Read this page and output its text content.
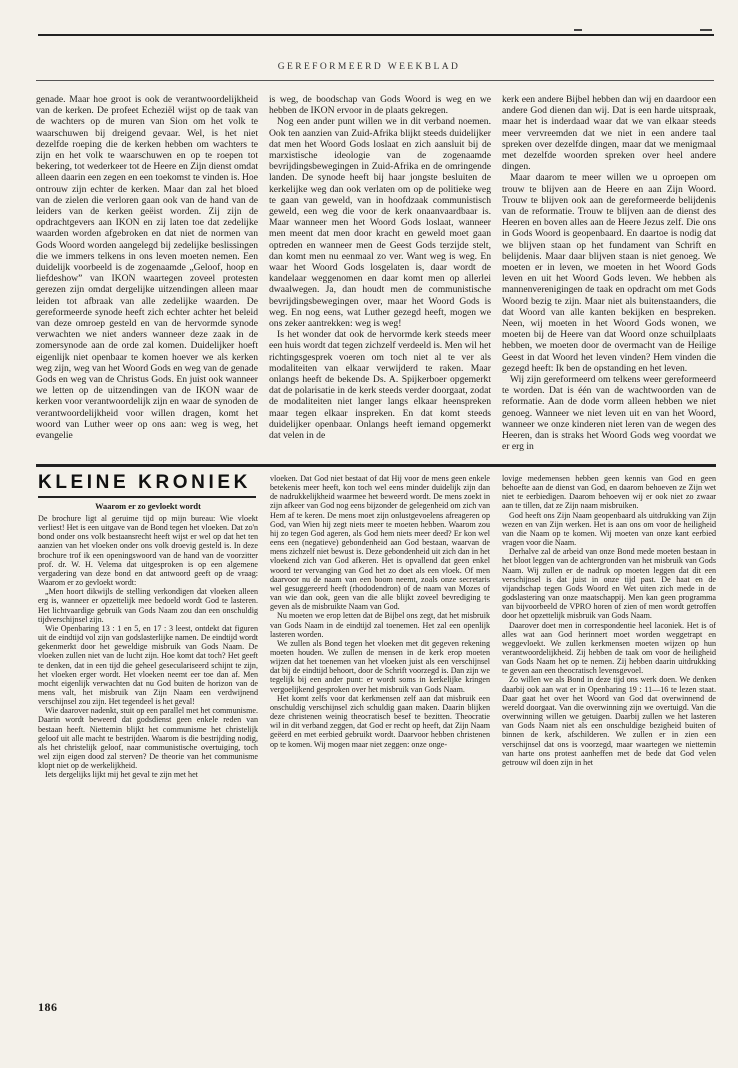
GEREFORMEERD WEEKBLAD

genade. Maar hoe groot is ook de verantwoordelijkheid van de kerken. De profeet Echeziël wijst op de taak van de wachters op de muren van Sion om het volk te waarschuwen bij dreigend gevaar. Wel, is het niet dezelfde roeping die de kerken hebben om wachters te zijn en het volk te waarschuwen en op te roepen tot bekering, tot wederkeer tot de Heere en Zijn dienst omdat alleen daarin een zegen en een toekomst te vinden is. Hoe ontrouw zijn echter de kerken. Maar dan zal het bloed van de zielen die verloren gaan ook van de hand van de leiders van de kerken geëist worden. Zij zijn de opdrachtgevers aan IKON en zij laten toe dat zedelijke waarden worden afgebroken en dat niet de normen van Gods Woord worden aangelegd bij zedelijke beslissingen die we immers telkens in ons leven moeten nemen. Een duidelijk voorbeeld is de zogenaamde „Geloof, hoop en liefdeshow” van IKON waartegen zoveel protesten gerezen zijn omdat dergelijke uitzendingen alleen maar leiden tot afbraak van alle zedelijke waarden. De gereformeerde synode heeft zich echter achter het beleid van deze omroep gesteld en van de hervormde synode verwachten we niet anders wanneer deze zaak in de zomersynode aan de orde zal komen. Duidelijker hoeft eigenlijk niet openbaar te komen hoever we als kerken weg zijn, weg van het Woord Gods en weg van de genade Gods en weg van de Christus Gods. En juist ook wanneer we letten op de uitzendingen van de IKON waar de kerken voor verantwoordelijk zijn en waar de synoden de verantwoordelijkheid voor willen dragen, komt het woord van Luther weer op ons aan: weg is weg, het evangelie

is weg, de boodschap van Gods Woord is weg en we hebben de IKON ervoor in de plaats gekregen.

Nog een ander punt willen we in dit verband noemen. Ook ten aanzien van Zuid-Afrika blijkt steeds duidelijker dat men het Woord Gods loslaat en zich aansluit bij de marxistische ideologie van de zogenaamde bevrijdingsbewegingen in Zuid-Afrika en de omringende landen. De synode heeft bij haar jongste besluiten de kerkelijke weg dan ook verlaten om op de politieke weg te gaan van geweld, van in hoofdzaak communistisch geweld, een weg die voor de kerk onaanvaardbaar is. Maar wanneer men het Woord Gods loslaat, wanneer men meent dat men door kracht en geweld moet gaan optreden en wanneer men de Geest Gods terzijde stelt, dan komt men nu eenmaal zo ver. Want weg is weg. En waar het Woord Gods losgelaten is, daar wordt de kandelaar weggenomen en daar komt men op allerlei dwaalwegen. Ja, dan houdt men de communistische bevrijdingsbewegingen over, maar het Woord Gods is weg. En nog eens, wat Luther gezegd heeft, mogen we ons zeker aantrekken: weg is weg!

Is het wonder dat ook de hervormde kerk steeds meer een huis wordt dat tegen zichzelf verdeeld is. Men wil het richtingsgesprek voeren om toch niet al te ver als modaliteiten van elkaar verwijderd te raken. Maar onlangs heeft de bekende Ds. A. Spijkerboer opgemerkt dat de polarisatie in de kerk steeds verder doorgaat, zodat de modaliteiten niet langer langs elkaar heenspreken maar tegen elkaar inspreken. En dat komt steeds duidelijker openbaar. Onlangs heeft iemand opgemerkt dat velen in de

kerk een andere Bijbel hebben dan wij en daardoor een andere God dienen dan wij. Dat is een harde uitspraak, maar het is inderdaad waar dat we van elkaar steeds meer vervreemden dat we niet in een andere taal spreken over dezelfde dingen, maar dat we menigmaal met dezelfde woorden spreken over heel andere dingen.

Maar daarom te meer willen we u oproepen om trouw te blijven aan de Heere en aan Zijn Woord. Trouw te blijven ook aan de gereformeerde belijdenis van de reformatie. Trouw te blijven aan de dienst des Heeren en boven alles aan de Heere Jezus zelf. Die ons in Gods Woord is geopenbaard. En daartoe is nodig dat we blijven staan op het fundament van Schrift en belijdenis. Maar daar blijven staan is niet genoeg. We moeten er in leven, we moeten in het Woord Gods leven en uit het Woord Gods leven. We hebben als mannenverenigingen de taak en opdracht om met Gods Woord bezig te zijn. Maar niet als buitenstaanders, die dat Woord van alle kanten bekijken en bespreken. Neen, wij moeten in het Woord Gods wonen, we moeten bij de Heere van dat Woord onze schuilplaats hebben, we moeten door de overmacht van de Heilige Geest in dat Woord het leven vinden? Hem vinden die gezegd heeft: Ik ben de opstanding en het leven.

Wij zijn gereformeerd om telkens weer gereformeerd te worden. Dat is één van de wachtwoorden van de reformatie. Aan de dode vorm alleen hebben we niet genoeg. Wanneer we niet leven uit en van het Woord, wanneer we onze kinderen niet leren van de wegen des Heeren, dan is straks het Woord Gods weg voordat we er erg in

KLEINE KRONIEK
Waarom er zo gevloekt wordt

De brochure ligt al geruime tijd op mijn bureau: Wie vloekt verliest! Het is een uitgave van de Bond tegen het vloeken. Dat zo'n bond onder ons volk bestaansrecht heeft wijst er wel op dat het ten aanzien van het vloeken onder ons volk droevig gesteld is. In deze brochure trof ik een openingswoord van de hand van de voorzitter prof. dr. W. H. Velema dat uitgesproken is op een algemene vergadering van deze bond en dat antwoord geeft op de vraag: Waarom er zo gevloekt wordt:

„Men hoort dikwijls de stelling verkondigen dat vloeken alleen erg is, wanneer er opzettelijk mee bedoeld wordt God te lasteren. Het lichtvaardige gebruik van Gods Naam zou dan een onschuldig tijdverschijnsel zijn.

Wie Openbaring 13 : 1 en 5, en 17 : 3 leest, ontdekt dat figuren uit de eindtijd vol zijn van godslasterlijke namen. De eindtijd wordt gekenmerkt door het geweldige misbruik van Gods Naam. De vloeken zullen niet van de lucht zijn. Hoe komt dat toch? Het geeft te denken, dat in een tijd die geheel geseculariseerd schijnt te zijn, het vloeken erger wordt. Het vloeken neemt eer toe dan af. Men mocht eigenlijk verwachten dat nu God buiten de horizon van de mens valt, het misbruik van Zijn Naam een verdwijnend verschijnsel zou zijn. Het tegendeel is het geval!

Wie daarover nadenkt, stuit op een parallel met het communisme. Daarin wordt beweerd dat godsdienst geen enkele reden van bestaan heeft. Niettemin blijkt het communisme het christelijk geloof uit alle macht te bestrijden. Waarom is die bestrijding nodig, als het christelijk geloof, naar communistische overtuiging, toch wel zijn eigen dood zal sterven? De theorie van het communisme klopt niet op de werkelijkheid.

Iets dergelijks lijkt mij het geval te zijn met het

vloeken. Dat God niet bestaat of dat Hij voor de mens geen enkele betekenis meer heeft, kon toch wel eens minder duidelijk zijn dan de nadrukkelijkheid waarmee het beweerd wordt. De mens zoekt in zijn afkeer van God nog eens bijzonder de gelegenheid om zich van Hem af te keren. De mens moet zijn onlustgevoelens afreageren op God, van Wien hij zegt niets meer te moeten hebben. Waarom zou hij zo tegen God ageren, als God hem niets meer deed? Er kon wel eens een (negatieve) gebondenheid aan God bestaan, waarvan de mens zichzelf niet bewust is. Deze gebondenheid uit zich dan in het vloekend zich van God afkeren. Het is opvallend dat geen enkel woord ter vervanging van God het zo doet als een vloek. Of men daarvoor nu de naam van een boom neemt, zoals onze secretaris wel gesuggereerd heeft (rhododendron) of de naam van Mozes of van wie dan ook, geen van die alle blijkt zoveel bevrediging te geven als de misbruikte Naam van God.

Nu moeten we erop letten dat de Bijbel ons zegt, dat het misbruik van Gods Naam in de eindtijd zal toenemen. Het zal een openlijk lasteren worden.

We zullen als Bond tegen het vloeken met dit gegeven rekening moeten houden. We zullen de mensen in de kerk erop moeten wijzen dat het toenemen van het vloeken juist als een verschijnsel dat bij de eindtijd behoort, door de Schrift voorzegd is. Dan zijn we tegelijk bij een ander punt: er wordt soms in kerkelijke kringen vergoelijkend gesproken over het misbruik van Gods Naam.

Het komt zelfs voor dat kerkmensen zelf aan dat misbruik een onschuldig verschijnsel zich schuldig gaan maken. Daarin blijken deze christenen weinig theocratisch besef te bezitten. Theocratie wil in dit verband zeggen, dat God er recht op heeft, dat Zijn Naam geëerd en met eerbied gebruikt wordt. Daarvoor hebben christenen op te komen. Wij mogen maar niet zeggen: onze onge-

lovige medemensen hebben geen kennis van God en geen behoefte aan de dienst van God, en daarom behoeven ze Zijn wet niet te eerbiedigen. Daarom behoeven wij er ook niet zo zwaar aan te tillen, dat ze Zijn naam misbruiken.

God heeft ons Zijn Naam geopenbaard als uitdrukking van Zijn wezen en van Zijn werken. Het is aan ons om voor de heiligheid van die Naam op te komen. Wij moeten van onze kant eerbied vragen voor die Naam.

Derhalve zal de arbeid van onze Bond mede moeten bestaan in het bloot leggen van de achtergronden van het misbruik van Gods Naam. Wij zullen er de nadruk op moeten leggen dat dit een verschijnsel is dat juist in onze tijd past. De haat en de vijandschap tegen Gods Woord en Wet uiten zich mede in de godslastering van onze maatschappij. Men kan geen programma van bijvoorbeeld de VPRO horen of zien of men wordt getroffen door het opzettelijk misbruik van Gods Naam.

Daarover doet men in correspondentie heel laconiek. Het is of alles wat aan God herinnert moet worden weggetrapt en weggevloekt. We zullen kerkmensen moeten wijzen op hun verantwoordelijkheid. Zij hebben de taak om voor de heiligheid van Gods Naam het op te nemen. Zij hebben daarin uitdrukking te geven aan een theocratisch levensgevoel.

Zo willen we als Bond in deze tijd ons werk doen. We denken daarbij ook aan wat er in Openbaring 19 : 11—16 te lezen staat. Daar gaat het over het Woord van God dat overwinnend de wereld doorgaat. Van die overwinning zijn we overtuigd. Van die overwinning willen we getuigen. Daarbij zullen we het lasteren van Gods Naam niet als een onschuldige bezigheid buiten of binnen de kerk, afschilderen. We zullen er in zien een verschijnsel dat ons is voorzegd, maar waartegen we niettemin van harte ons protest aanheffen met de bede dat God velen getrouw wil doen zijn in het

186
